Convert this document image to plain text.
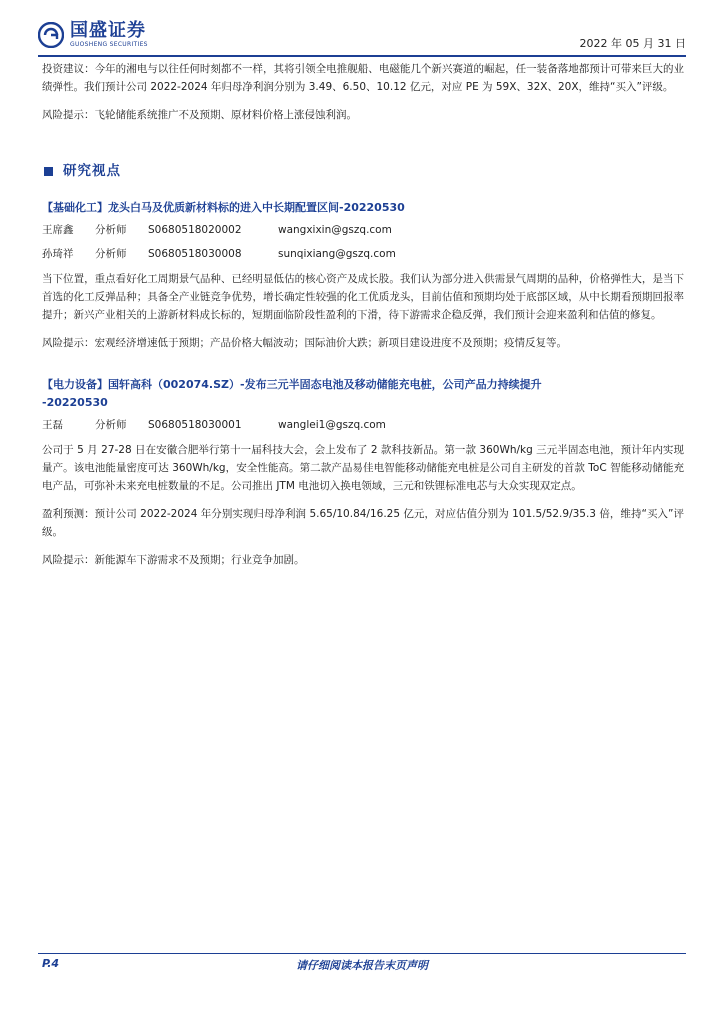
国盛证券
GUOSHENG SECURITIES	2022 年 05 月 31 日

投资建议：今年的湘电与以往任何时刻都不一样，其将引领全电推舰船、电磁能几个新兴赛道的崛起，任一装备落地都预计可带来巨大的业绩弹性。我们预计公司 2022-2024 年归母净利润分别为 3.49、6.50、10.12 亿元，对应 PE 为 59X、32X、20X，维持“买入”评级。

风险提示：飞轮储能系统推广不及预期、原材料价格上涨侵蚀利润。

研究视点

【基础化工】龙头白马及优质新材料标的进入中长期配置区间-20220530

王席鑫	分析师	S0680518020002	wangxixin@gszq.com
孙琦祥	分析师	S0680518030008	sunqixiang@gszq.com

当下位置，重点看好化工周期景气品种、已经明显低估的核心资产及成长股。我们认为部分进入供需景气周期的品种，价格弹性大，是当下首选的化工反弹品种；具备全产业链竞争优势，增长确定性较强的化工优质龙头，目前估值和预期均处于底部区域，从中长期看预期回报率提升；新兴产业相关的上游新材料成长标的，短期面临阶段性盈利的下滑，待下游需求企稳反弹，我们预计会迎来盈利和估值的修复。

风险提示：宏观经济增速低于预期；产品价格大幅波动；国际油价大跌；新项目建设进度不及预期；疫情反复等。

【电力设备】国轩高科（002074.SZ）-发布三元半固态电池及移动储能充电桩，公司产品力持续提升
-20220530

王磊	分析师	S0680518030001	wanglei1@gszq.com

公司于 5 月 27-28 日在安徽合肥举行第十一届科技大会，会上发布了 2 款科技新品。第一款 360Wh/kg 三元半固态电池，预计年内实现量产。该电池能量密度可达 360Wh/kg，安全性能高。第二款产品易佳电智能移动储能充电桩是公司自主研发的首款 ToC 智能移动储能充电产品，可弥补未来充电桩数量的不足。公司推出 JTM 电池切入换电领域，三元和铁锂标准电芯与大众实现双定点。

盈利预测：预计公司 2022-2024 年分别实现归母净利润 5.65/10.84/16.25 亿元，对应估值分别为 101.5/52.9/35.3 倍，维持“买入”评级。

风险提示：新能源车下游需求不及预期；行业竞争加剧。

P.4	请仔细阅读本报告末页声明
